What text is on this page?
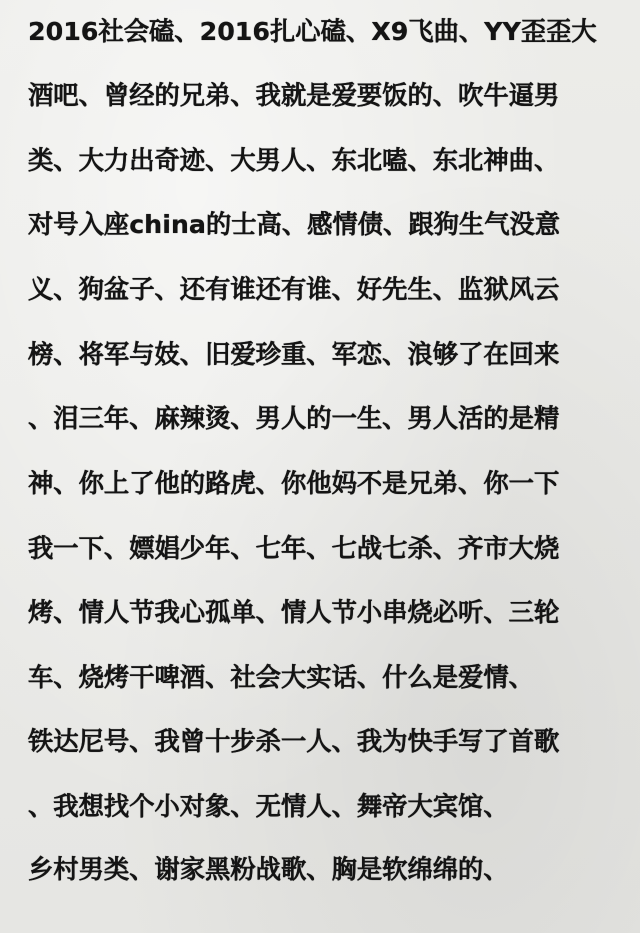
2016社会磕、2016扎心磕、X9飞曲、YY歪歪大
酒吧、曾经的兄弟、我就是爱要饭的、吹牛逼男
类、大力出奇迹、大男人、东北嗑、东北神曲、
对号入座china的士高、感情债、跟狗生气没意
义、狗盆子、还有谁还有谁、好先生、监狱风云
榜、将军与妓、旧爱珍重、军恋、浪够了在回来
、泪三年、麻辣烫、男人的一生、男人活的是精
神、你上了他的路虎、你他妈不是兄弟、你一下
我一下、嫖娼少年、七年、七战七杀、齐市大烧
烤、情人节我心孤单、情人节小串烧必听、三轮
车、烧烤干啤酒、社会大实话、什么是爱情、
铁达尼号、我曾十步杀一人、我为快手写了首歌
、我想找个小对象、无情人、舞帝大宾馆、
乡村男类、谢家黑粉战歌、胸是软绵绵的、
